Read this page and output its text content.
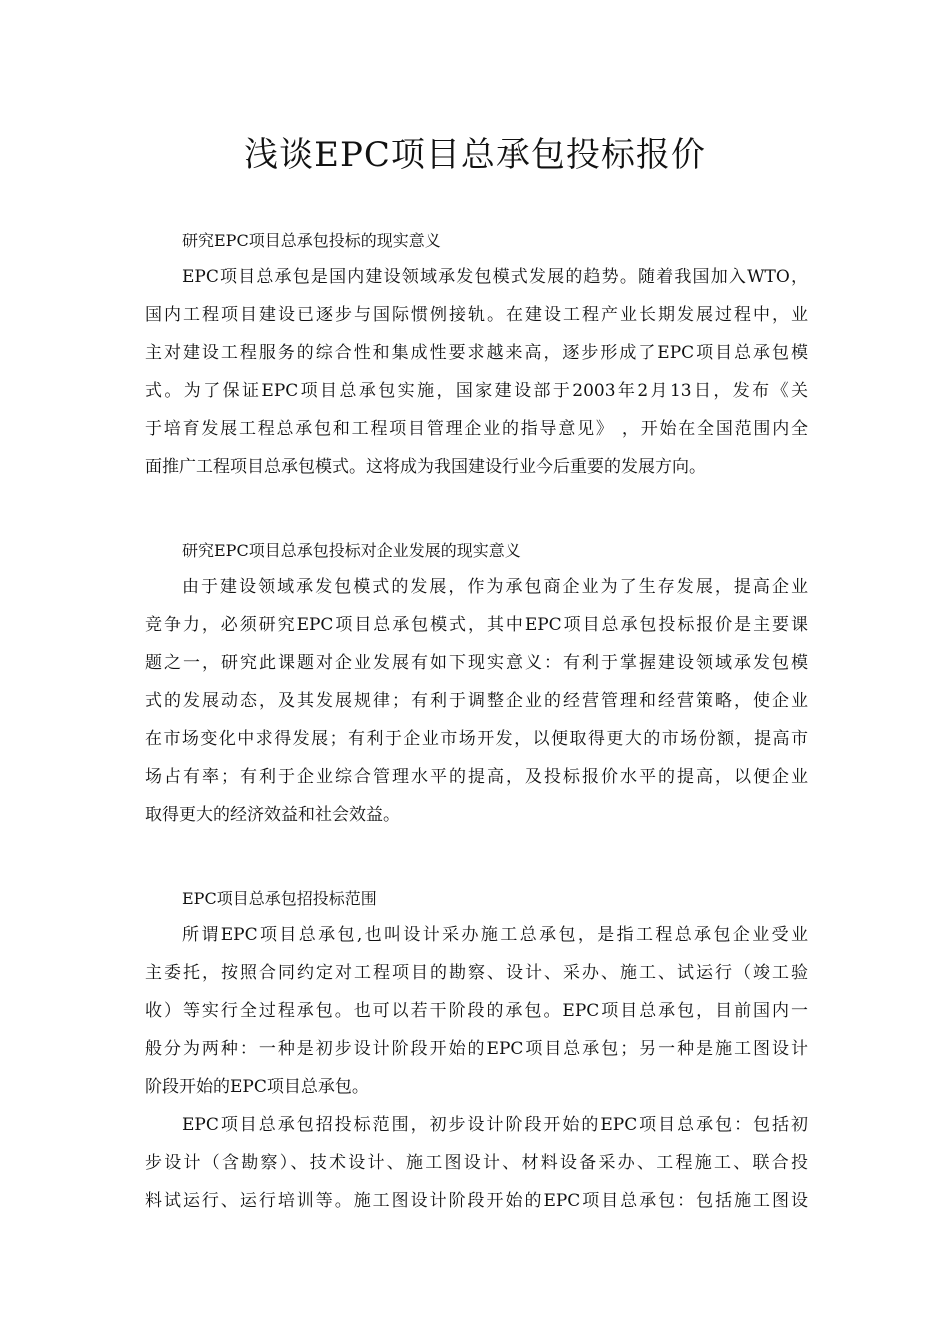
浅谈EPC项目总承包投标报价
研究EPC项目总承包投标的现实意义
EPC项目总承包是国内建设领域承发包模式发展的趋势。随着我国加入WTO，
国内工程项目建设已逐步与国际惯例接轨。在建设工程产业长期发展过程中，业
主对建设工程服务的综合性和集成性要求越来高，逐步形成了EPC项目总承包模
式。为了保证EPC项目总承包实施，国家建设部于2003年2月13日，发布《关
于培育发展工程总承包和工程项目管理企业的指导意见》 ，开始在全国范围内全
面推广工程项目总承包模式。这将成为我国建设行业今后重要的发展方向。
研究EPC项目总承包投标对企业发展的现实意义
由于建设领域承发包模式的发展，作为承包商企业为了生存发展，提高企业
竞争力，必须研究EPC项目总承包模式，其中EPC项目总承包投标报价是主要课
题之一，研究此课题对企业发展有如下现实意义：有利于掌握建设领域承发包模
式的发展动态，及其发展规律；有利于调整企业的经营管理和经营策略，使企业
在市场变化中求得发展；有利于企业市场开发，以便取得更大的市场份额，提高市
场占有率；有利于企业综合管理水平的提高，及投标报价水平的提高，以便企业
取得更大的经济效益和社会效益。
EPC项目总承包招投标范围
所谓EPC项目总承包,也叫设计采办施工总承包，是指工程总承包企业受业
主委托，按照合同约定对工程项目的勘察、设计、采办、施工、试运行（竣工验
收）等实行全过程承包。也可以若干阶段的承包。EPC项目总承包，目前国内一
般分为两种：一种是初步设计阶段开始的EPC项目总承包；另一种是施工图设计
阶段开始的EPC项目总承包。
EPC项目总承包招投标范围，初步设计阶段开始的EPC项目总承包：包括初
步设计（含勘察）、技术设计、施工图设计、材料设备采办、工程施工、联合投
料试运行、运行培训等。施工图设计阶段开始的EPC项目总承包：包括施工图设
